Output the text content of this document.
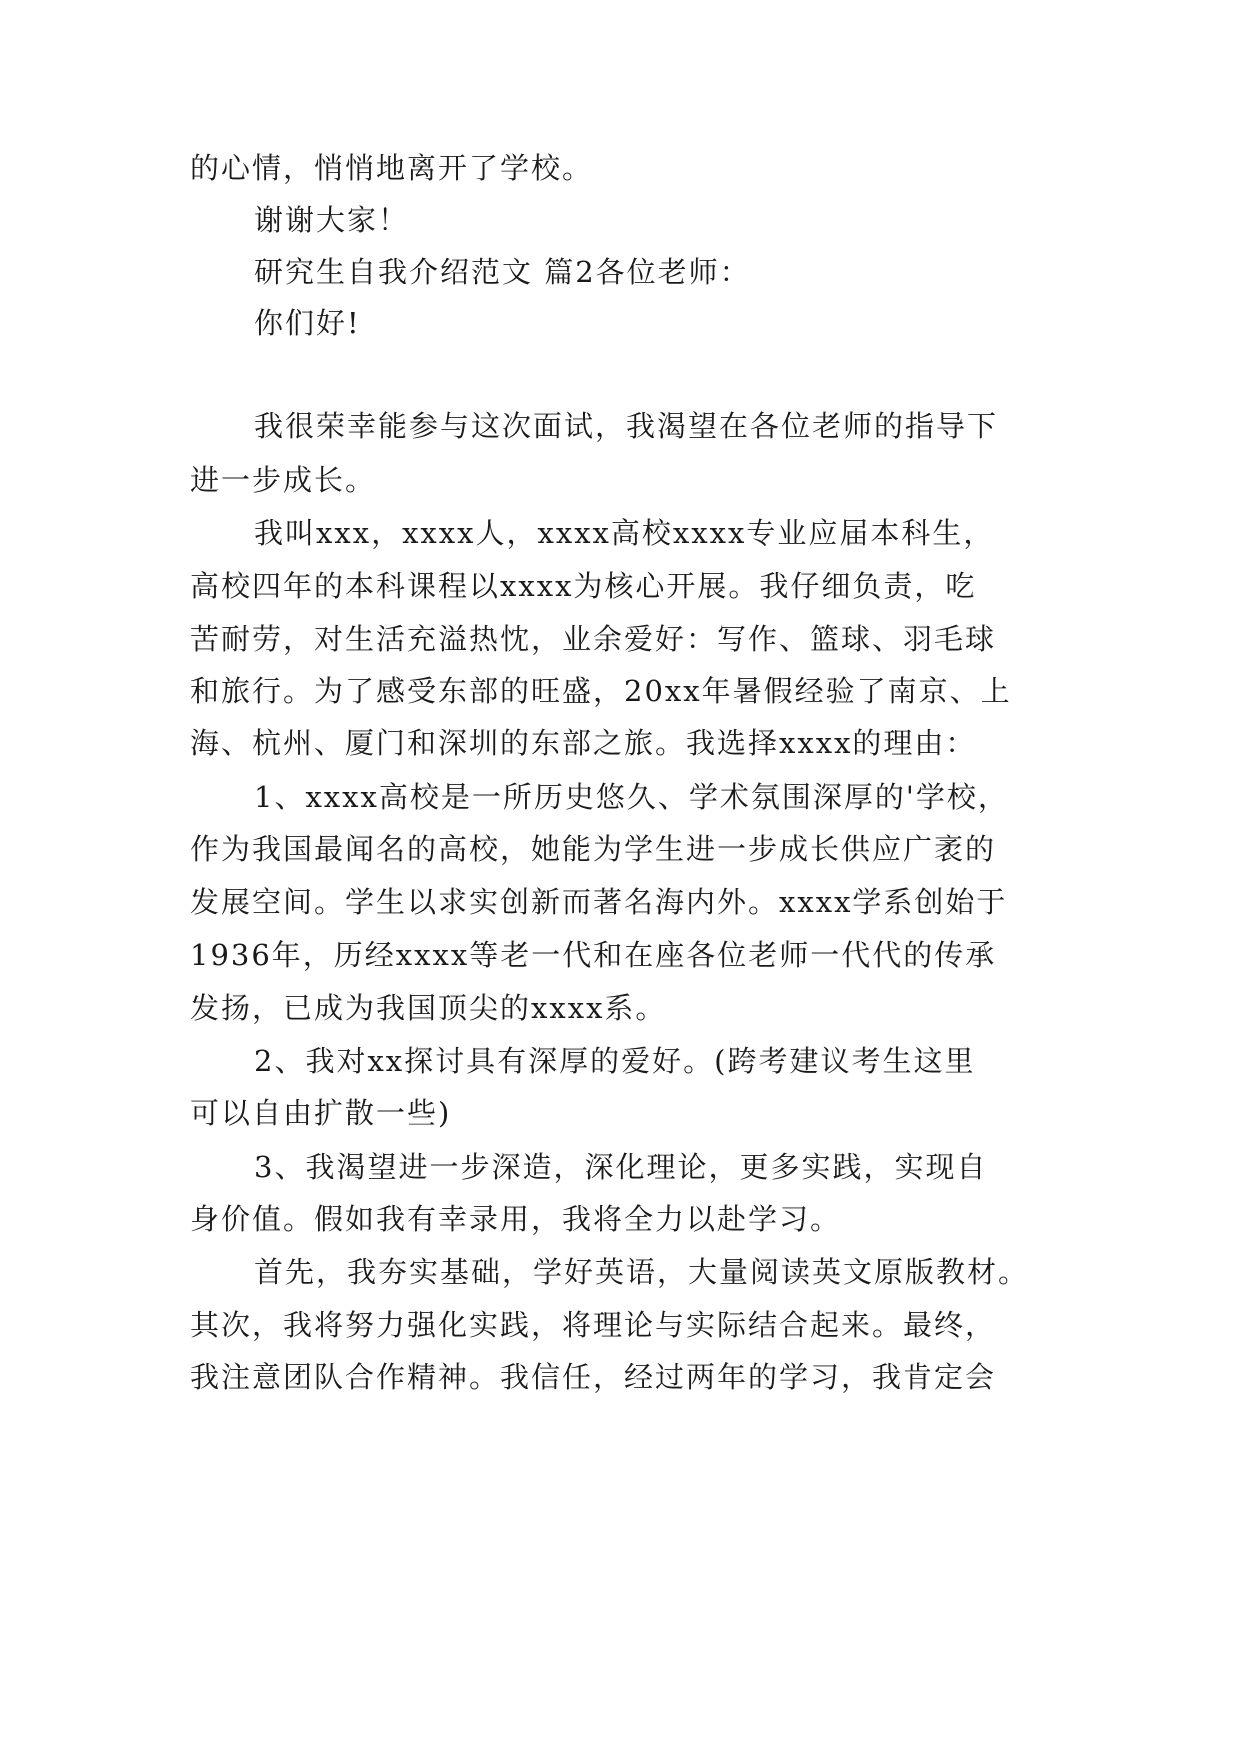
的心情，悄悄地离开了学校。

谢谢大家！

研究生自我介绍范文 篇2各位老师：

你们好!

我很荣幸能参与这次面试，我渴望在各位老师的指导下

进一步成长。

我叫xxx，xxxx人，xxxx高校xxxx专业应届本科生，

高校四年的本科课程以xxxx为核心开展。我仔细负责，吃

苦耐劳，对生活充溢热忱，业余爱好：写作、篮球、羽毛球

和旅行。为了感受东部的旺盛，20xx年暑假经验了南京、上

海、杭州、厦门和深圳的东部之旅。我选择xxxx的理由：

1、xxxx高校是一所历史悠久、学术氛围深厚的'学校，

作为我国最闻名的高校，她能为学生进一步成长供应广袤的

发展空间。学生以求实创新而著名海内外。xxxx学系创始于

1936年，历经xxxx等老一代和在座各位老师一代代的传承

发扬，已成为我国顶尖的xxxx系。

2、我对xx探讨具有深厚的爱好。(跨考建议考生这里

可以自由扩散一些)

3、我渴望进一步深造，深化理论，更多实践，实现自

身价值。假如我有幸录用，我将全力以赴学习。

首先，我夯实基础，学好英语，大量阅读英文原版教材。

其次，我将努力强化实践，将理论与实际结合起来。最终，

我注意团队合作精神。我信任，经过两年的学习，我肯定会
